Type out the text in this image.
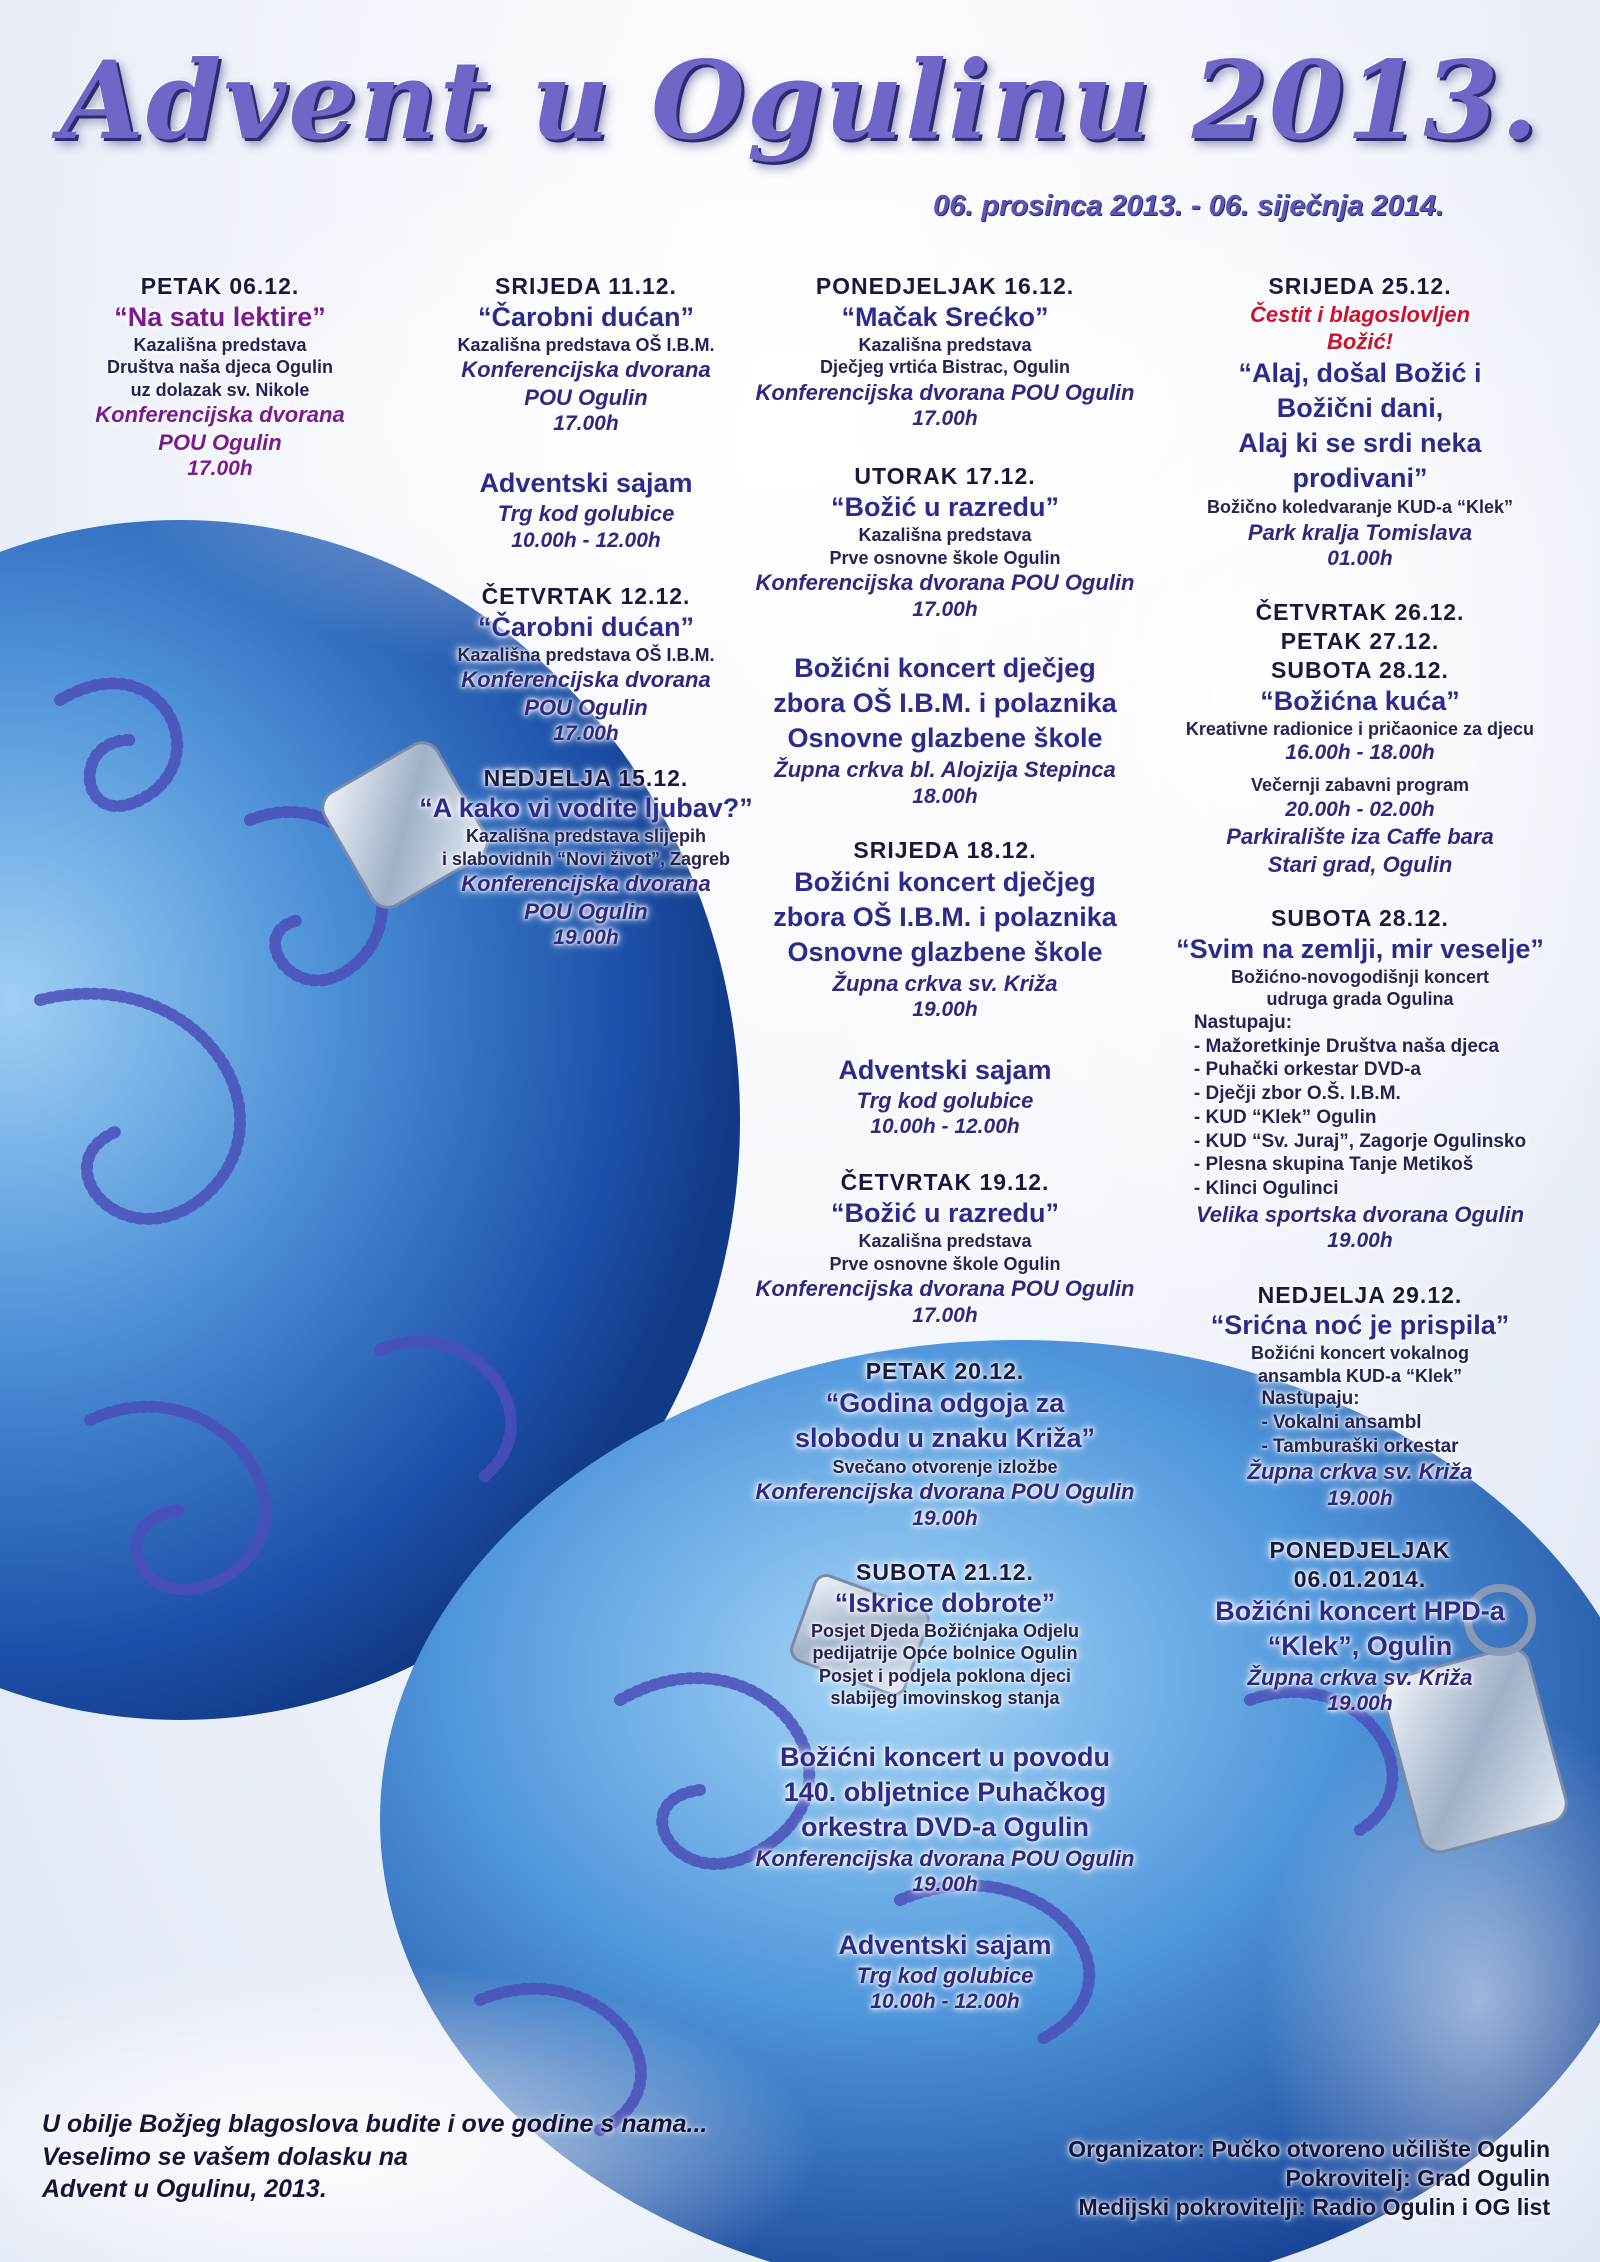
Advent u Ogulinu 2013.
06. prosinca 2013. - 06. siječnja 2014.
PETAK 06.12.
“Na satu lektire”
Kazališna predstava
Društva naša djeca Ogulin
uz dolazak sv. Nikole
Konferencijska dvorana
POU Ogulin
17.00h
SRIJEDA 11.12.
“Čarobni dućan”
Kazališna predstava OŠ I.B.M.
Konferencijska dvorana
POU Ogulin
17.00h
Adventski sajam
Trg kod golubice
10.00h - 12.00h
ČETVRTAK 12.12.
“Čarobni dućan”
Kazališna predstava OŠ I.B.M.
Konferencijska dvorana
POU Ogulin
17.00h
NEDJELJA 15.12.
“A kako vi vodite ljubav?”
Kazališna predstava slijepih
i slabovidnih “Novi život”, Zagreb
Konferencijska dvorana
POU Ogulin
19.00h
PONEDJELJAK 16.12.
“Mačak Srećko”
Kazališna predstava
Dječjeg vrtića Bistrac, Ogulin
Konferencijska dvorana POU Ogulin
17.00h
UTORAK 17.12.
“Božić u razredu”
Kazališna predstava
Prve osnovne škole Ogulin
Konferencijska dvorana POU Ogulin
17.00h
Božićni koncert dječjeg
zbora OŠ I.B.M. i polaznika
Osnovne glazbene škole
Župna crkva bl. Alojzija Stepinca
18.00h
SRIJEDA 18.12.
Božićni koncert dječjeg
zbora OŠ I.B.M. i polaznika
Osnovne glazbene škole
Župna crkva sv. Križa
19.00h
Adventski sajam
Trg kod golubice
10.00h - 12.00h
ČETVRTAK 19.12.
“Božić u razredu”
Kazališna predstava
Prve osnovne škole Ogulin
Konferencijska dvorana POU Ogulin
17.00h
PETAK 20.12.
“Godina odgoja za
slobodu u znaku Križa”
Svečano otvorenje izložbe
Konferencijska dvorana POU Ogulin
19.00h
SUBOTA 21.12.
“Iskrice dobrote”
Posjet Djeda Božićnjaka Odjelu
pedijatrije Opće bolnice Ogulin
Posjet i podjela poklona djeci
slabijeg imovinskog stanja
Božićni koncert u povodu
140. obljetnice Puhačkog
orkestra DVD-a Ogulin
Konferencijska dvorana POU Ogulin
19.00h
Adventski sajam
Trg kod golubice
10.00h - 12.00h
SRIJEDA 25.12.
Čestit i blagoslovljen
Božić!
“Alaj, došal Božić i
Božični dani,
Alaj ki se srdi neka
prodivani”
Božično koledvaranje KUD-a “Klek”
Park kralja Tomislava
01.00h
ČETVRTAK 26.12.
PETAK 27.12.
SUBOTA 28.12.
“Božićna kuća”
Kreativne radionice i pričaonice za djecu
16.00h - 18.00h
Večernji zabavni program
20.00h - 02.00h
Parkiralište iza Caffe bara
Stari grad, Ogulin
SUBOTA 28.12.
“Svim na zemlji, mir veselje”
Božićno-novogodišnji koncert
udruga grada Ogulina
Nastupaju:
- Mažoretkinje Društva naša djeca
- Puhački orkestar DVD-a
- Dječji zbor O.Š. I.B.M.
- KUD “Klek” Ogulin
- KUD “Sv. Juraj”, Zagorje Ogulinsko
- Plesna skupina Tanje Metikoš
- Klinci Ogulinci
Velika sportska dvorana Ogulin
19.00h
NEDJELJA 29.12.
“Srićna noć je prispila”
Božićni koncert vokalnog
ansambla KUD-a “Klek”
Nastupaju:
- Vokalni ansambl
- Tamburaški orkestar
Župna crkva sv. Križa
19.00h
PONEDJELJAK
06.01.2014.
Božićni koncert HPD-a
“Klek”, Ogulin
Župna crkva sv. Križa
19.00h
U obilje Božjeg blagoslova budite i ove godine s nama...
Veselimo se vašem dolasku na
Advent u Ogulinu, 2013.
Organizator: Pučko otvoreno učilište Ogulin
Pokrovitelj: Grad Ogulin
Medijski pokrovitelji: Radio Ogulin i OG list
